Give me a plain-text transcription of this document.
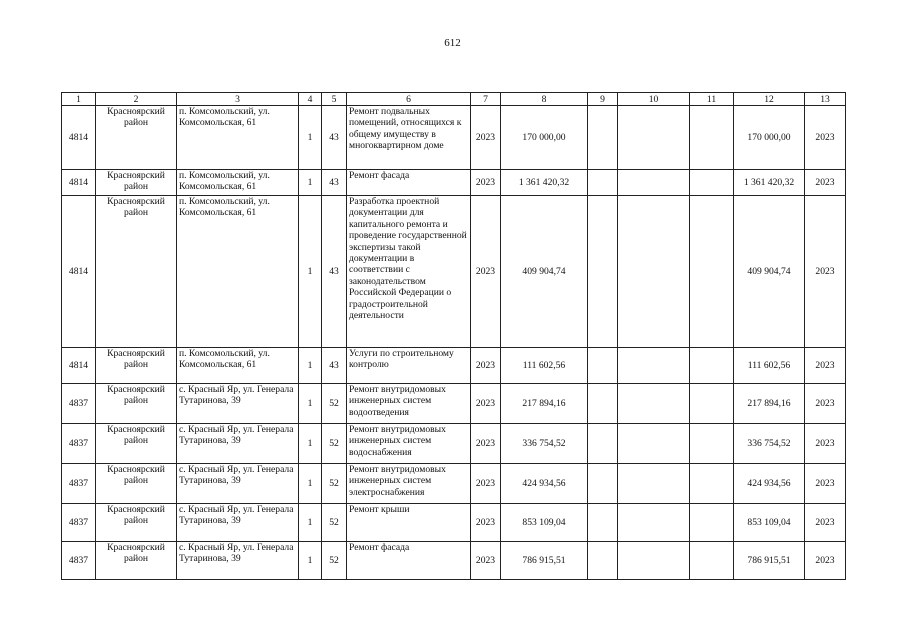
612
1	2	3	4	5	6	7	8	9	10	11	12	13
4814	Красноярский район	п. Комсомольский, ул. Комсомольская, 61	1	43	Ремонт подвальных помещений, относящихся к общему имуществу в многоквартирном доме	2023	170 000,00				170 000,00	2023
4814	Красноярский район	п. Комсомольский, ул. Комсомольская, 61	1	43	Ремонт фасада	2023	1 361 420,32				1 361 420,32	2023
4814	Красноярский район	п. Комсомольский, ул. Комсомольская, 61	1	43	Разработка проектной документации для капитального ремонта и проведение государственной экспертизы такой документации в соответствии с законодательством Российской Федерации о градостроительной деятельности	2023	409 904,74				409 904,74	2023
4814	Красноярский район	п. Комсомольский, ул. Комсомольская, 61	1	43	Услуги по строительному контролю	2023	111 602,56				111 602,56	2023
4837	Красноярский район	с. Красный Яр, ул. Генерала Тутаринова, 39	1	52	Ремонт внутридомовых инженерных систем водоотведения	2023	217 894,16				217 894,16	2023
4837	Красноярский район	с. Красный Яр, ул. Генерала Тутаринова, 39	1	52	Ремонт внутридомовых инженерных систем водоснабжения	2023	336 754,52				336 754,52	2023
4837	Красноярский район	с. Красный Яр, ул. Генерала Тутаринова, 39	1	52	Ремонт внутридомовых инженерных систем электроснабжения	2023	424 934,56				424 934,56	2023
4837	Красноярский район	с. Красный Яр, ул. Генерала Тутаринова, 39	1	52	Ремонт крыши	2023	853 109,04				853 109,04	2023
4837	Красноярский район	с. Красный Яр, ул. Генерала Тутаринова, 39	1	52	Ремонт фасада	2023	786 915,51				786 915,51	2023
